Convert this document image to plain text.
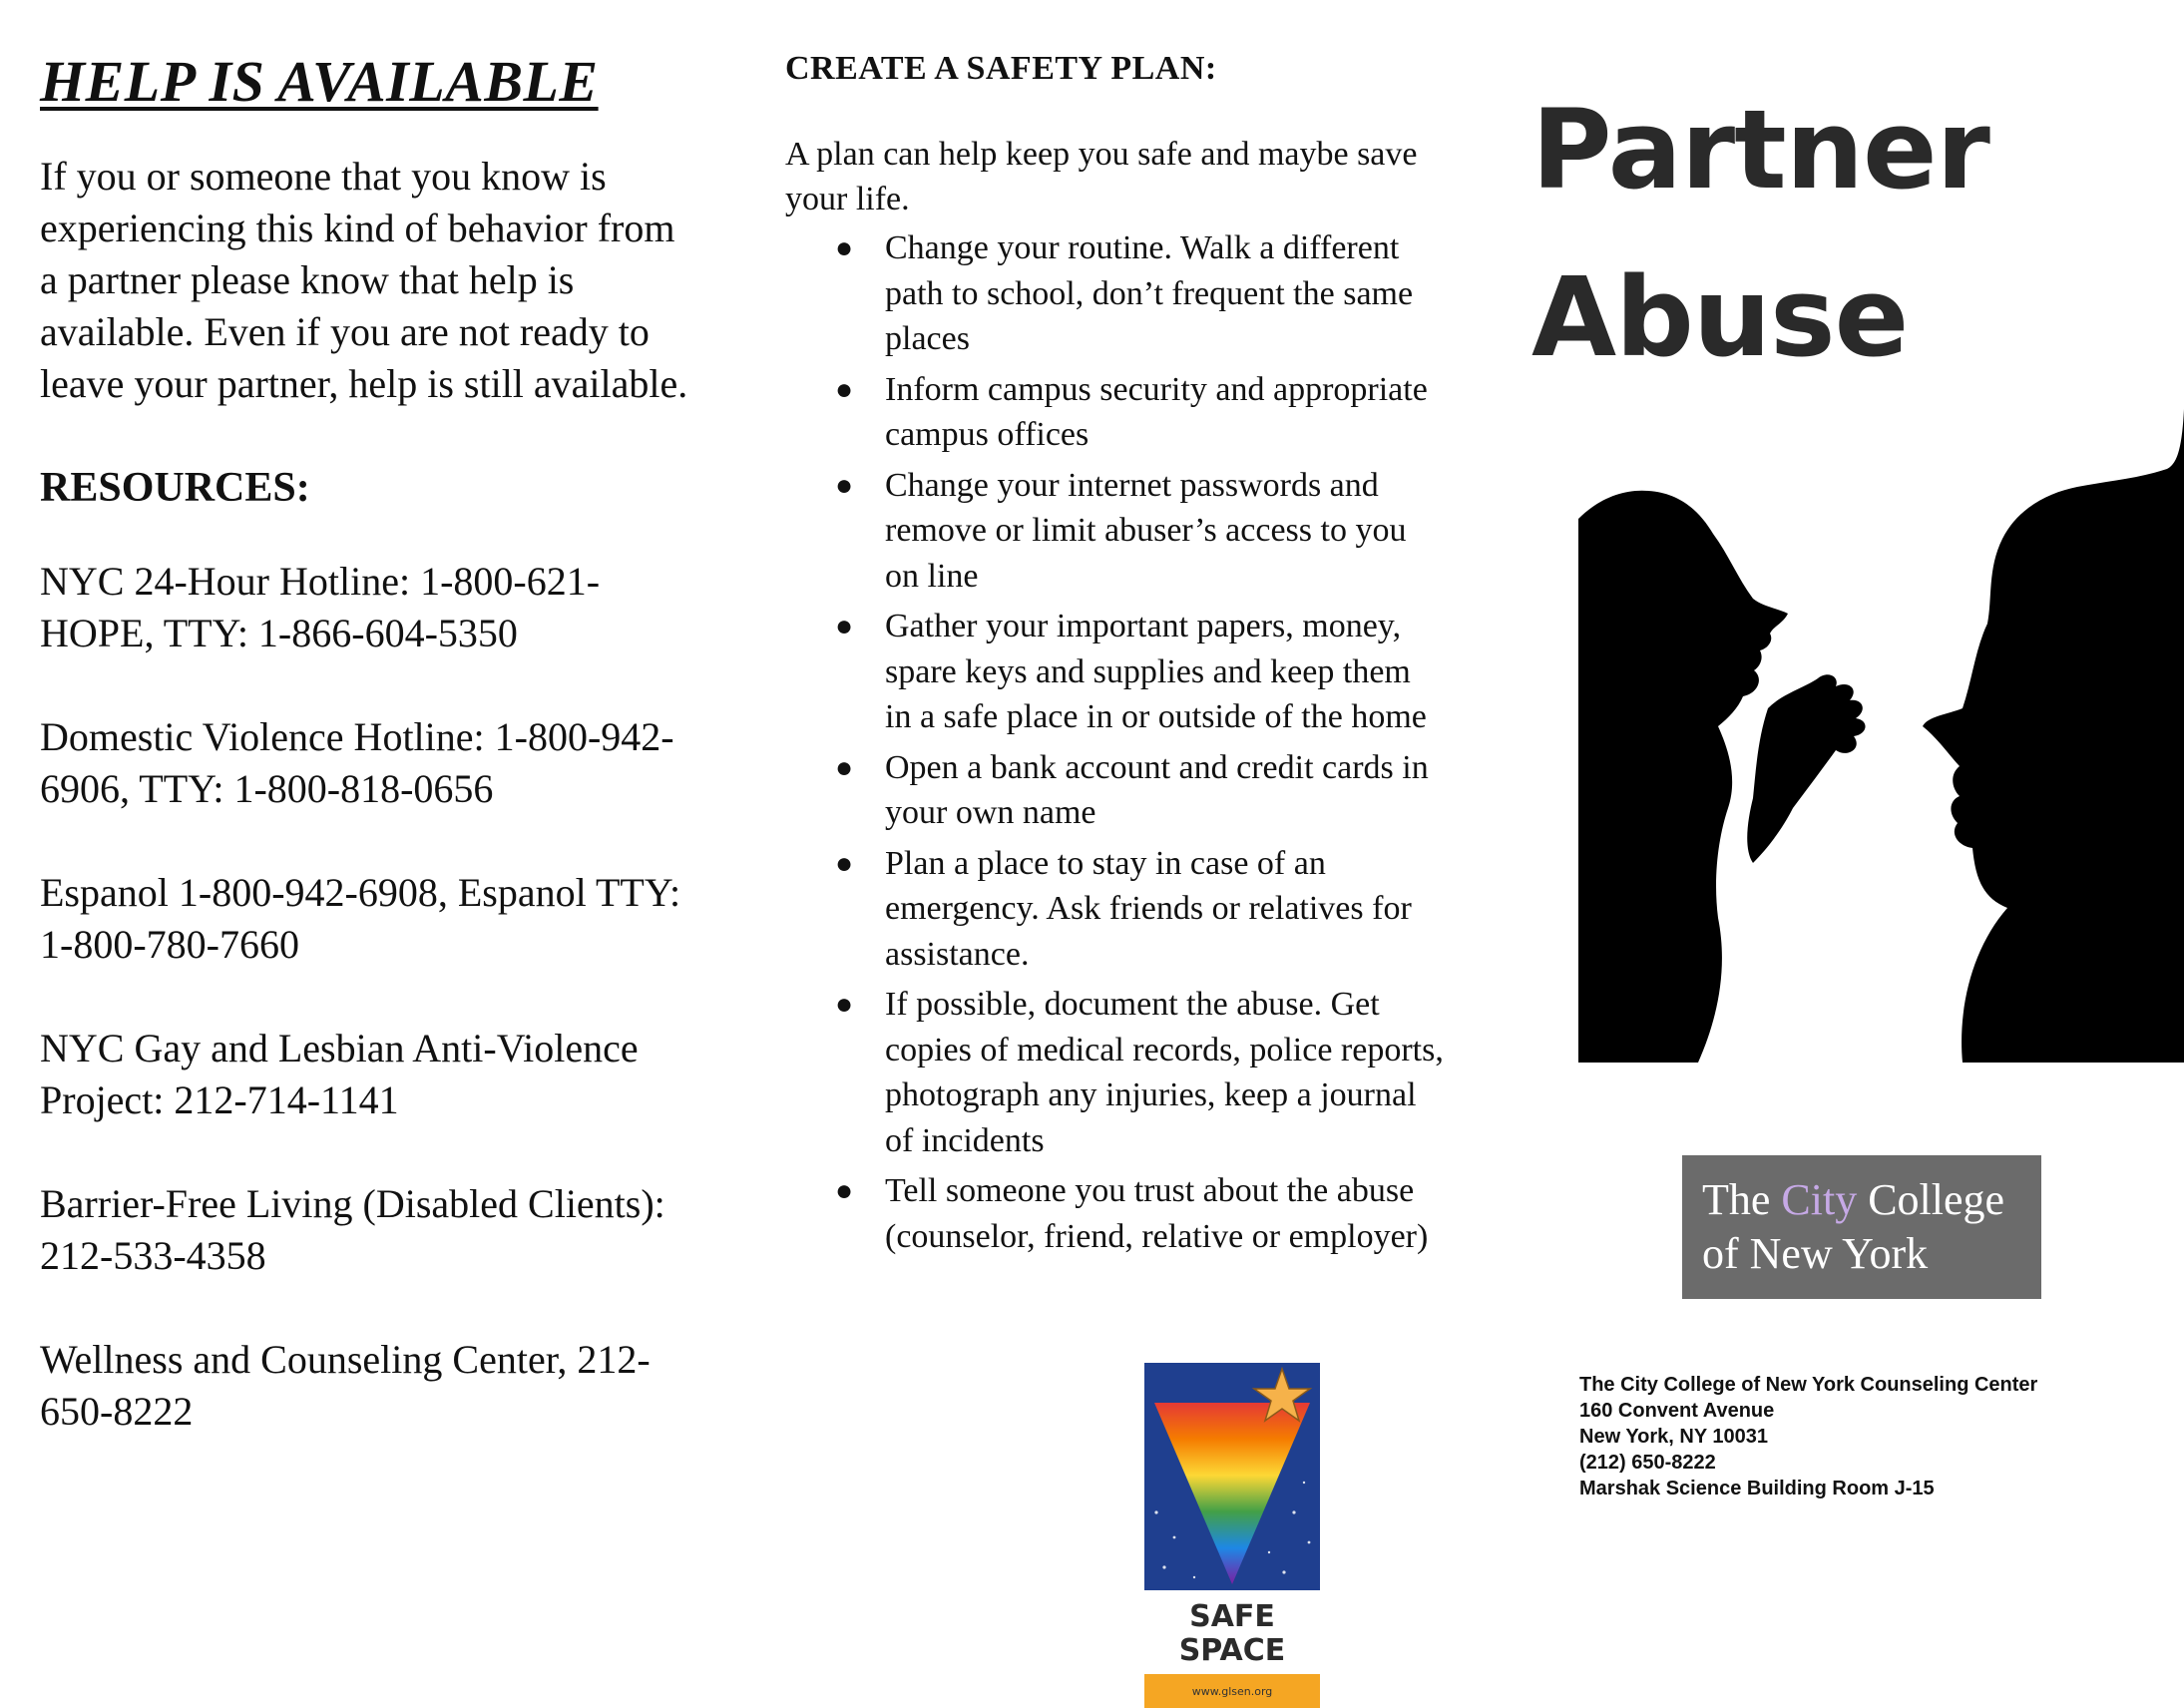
HELP IS AVAILABLE

If you or someone that you know is experiencing this kind of behavior from a partner please know that help is available. Even if you are not ready to leave your partner, help is still available.

RESOURCES:
NYC 24-Hour Hotline: 1-800-621-HOPE, TTY: 1-866-604-5350
Domestic Violence Hotline: 1-800-942-6906, TTY: 1-800-818-0656
Espanol 1-800-942-6908, Espanol TTY: 1-800-780-7660
NYC Gay and Lesbian Anti-Violence Project: 212-714-1141
Barrier-Free Living (Disabled Clients): 212-533-4358
Wellness and Counseling Center, 212-650-8222
CREATE A SAFETY PLAN:

A plan can help keep you safe and maybe save your life.

● Change your routine. Walk a different path to school, don’t frequent the same places
● Inform campus security and appropriate campus offices
● Change your internet passwords and remove or limit abuser’s access to you on line
● Gather your important papers, money, spare keys and supplies and keep them in a safe place in or outside of the home
● Open a bank account and credit cards in your own name
● Plan a place to stay in case of an emergency. Ask friends or relatives for assistance.
● If possible, document the abuse. Get copies of medical records, police reports, photograph any injuries, keep a journal of incidents
● Tell someone you trust about the abuse (counselor, friend, relative or employer)
SAFE
SPACE
www.glsen.org
Partner
Abuse
The City College
of New York
The City College of New York Counseling Center
160 Convent Avenue
New York, NY 10031
(212) 650-8222
Marshak Science Building Room J-15
